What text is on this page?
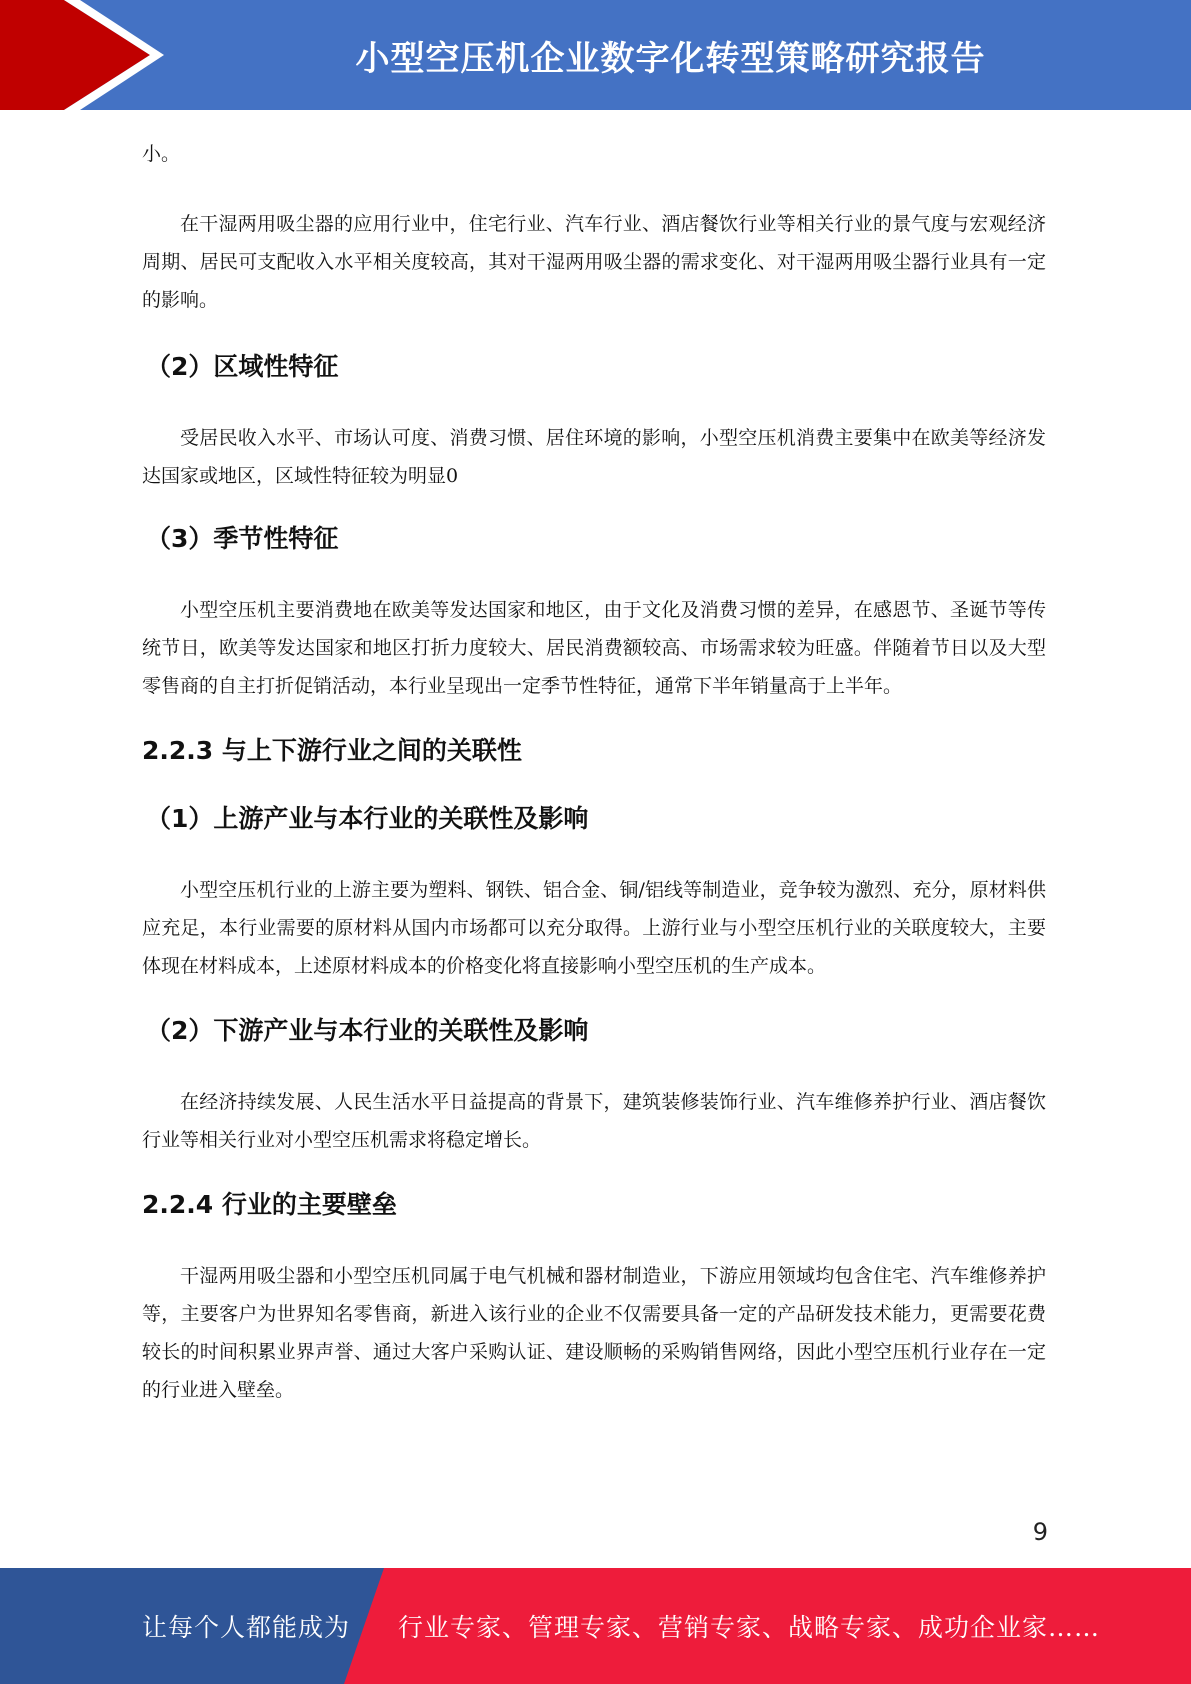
小型空压机企业数字化转型策略研究报告

小。

在干湿两用吸尘器的应用行业中，住宅行业、汽车行业、酒店餐饮行业等相关行业的景气度与宏观经济周期、居民可支配收入水平相关度较高，其对干湿两用吸尘器的需求变化、对干湿两用吸尘器行业具有一定的影响。

（2）区域性特征

受居民收入水平、市场认可度、消费习惯、居住环境的影响，小型空压机消费主要集中在欧美等经济发达国家或地区，区域性特征较为明显0

（3）季节性特征

小型空压机主要消费地在欧美等发达国家和地区，由于文化及消费习惯的差异，在感恩节、圣诞节等传统节日，欧美等发达国家和地区打折力度较大、居民消费额较高、市场需求较为旺盛。伴随着节日以及大型零售商的自主打折促销活动，本行业呈现出一定季节性特征，通常下半年销量高于上半年。

2.2.3 与上下游行业之间的关联性
（1）上游产业与本行业的关联性及影响

小型空压机行业的上游主要为塑料、钢铁、铝合金、铜/铝线等制造业，竞争较为激烈、充分，原材料供应充足，本行业需要的原材料从国内市场都可以充分取得。上游行业与小型空压机行业的关联度较大，主要体现在材料成本，上述原材料成本的价格变化将直接影响小型空压机的生产成本。

（2）下游产业与本行业的关联性及影响

在经济持续发展、人民生活水平日益提高的背景下，建筑装修装饰行业、汽车维修养护行业、酒店餐饮行业等相关行业对小型空压机需求将稳定增长。

2.2.4 行业的主要壁垒

干湿两用吸尘器和小型空压机同属于电气机械和器材制造业，下游应用领域均包含住宅、汽车维修养护等，主要客户为世界知名零售商，新进入该行业的企业不仅需要具备一定的产品研发技术能力，更需要花费较长的时间积累业界声誉、通过大客户采购认证、建设顺畅的采购销售网络，因此小型空压机行业存在一定的行业进入壁垒。

9
让每个人都能成为 行业专家、管理专家、营销专家、战略专家、成功企业家……
